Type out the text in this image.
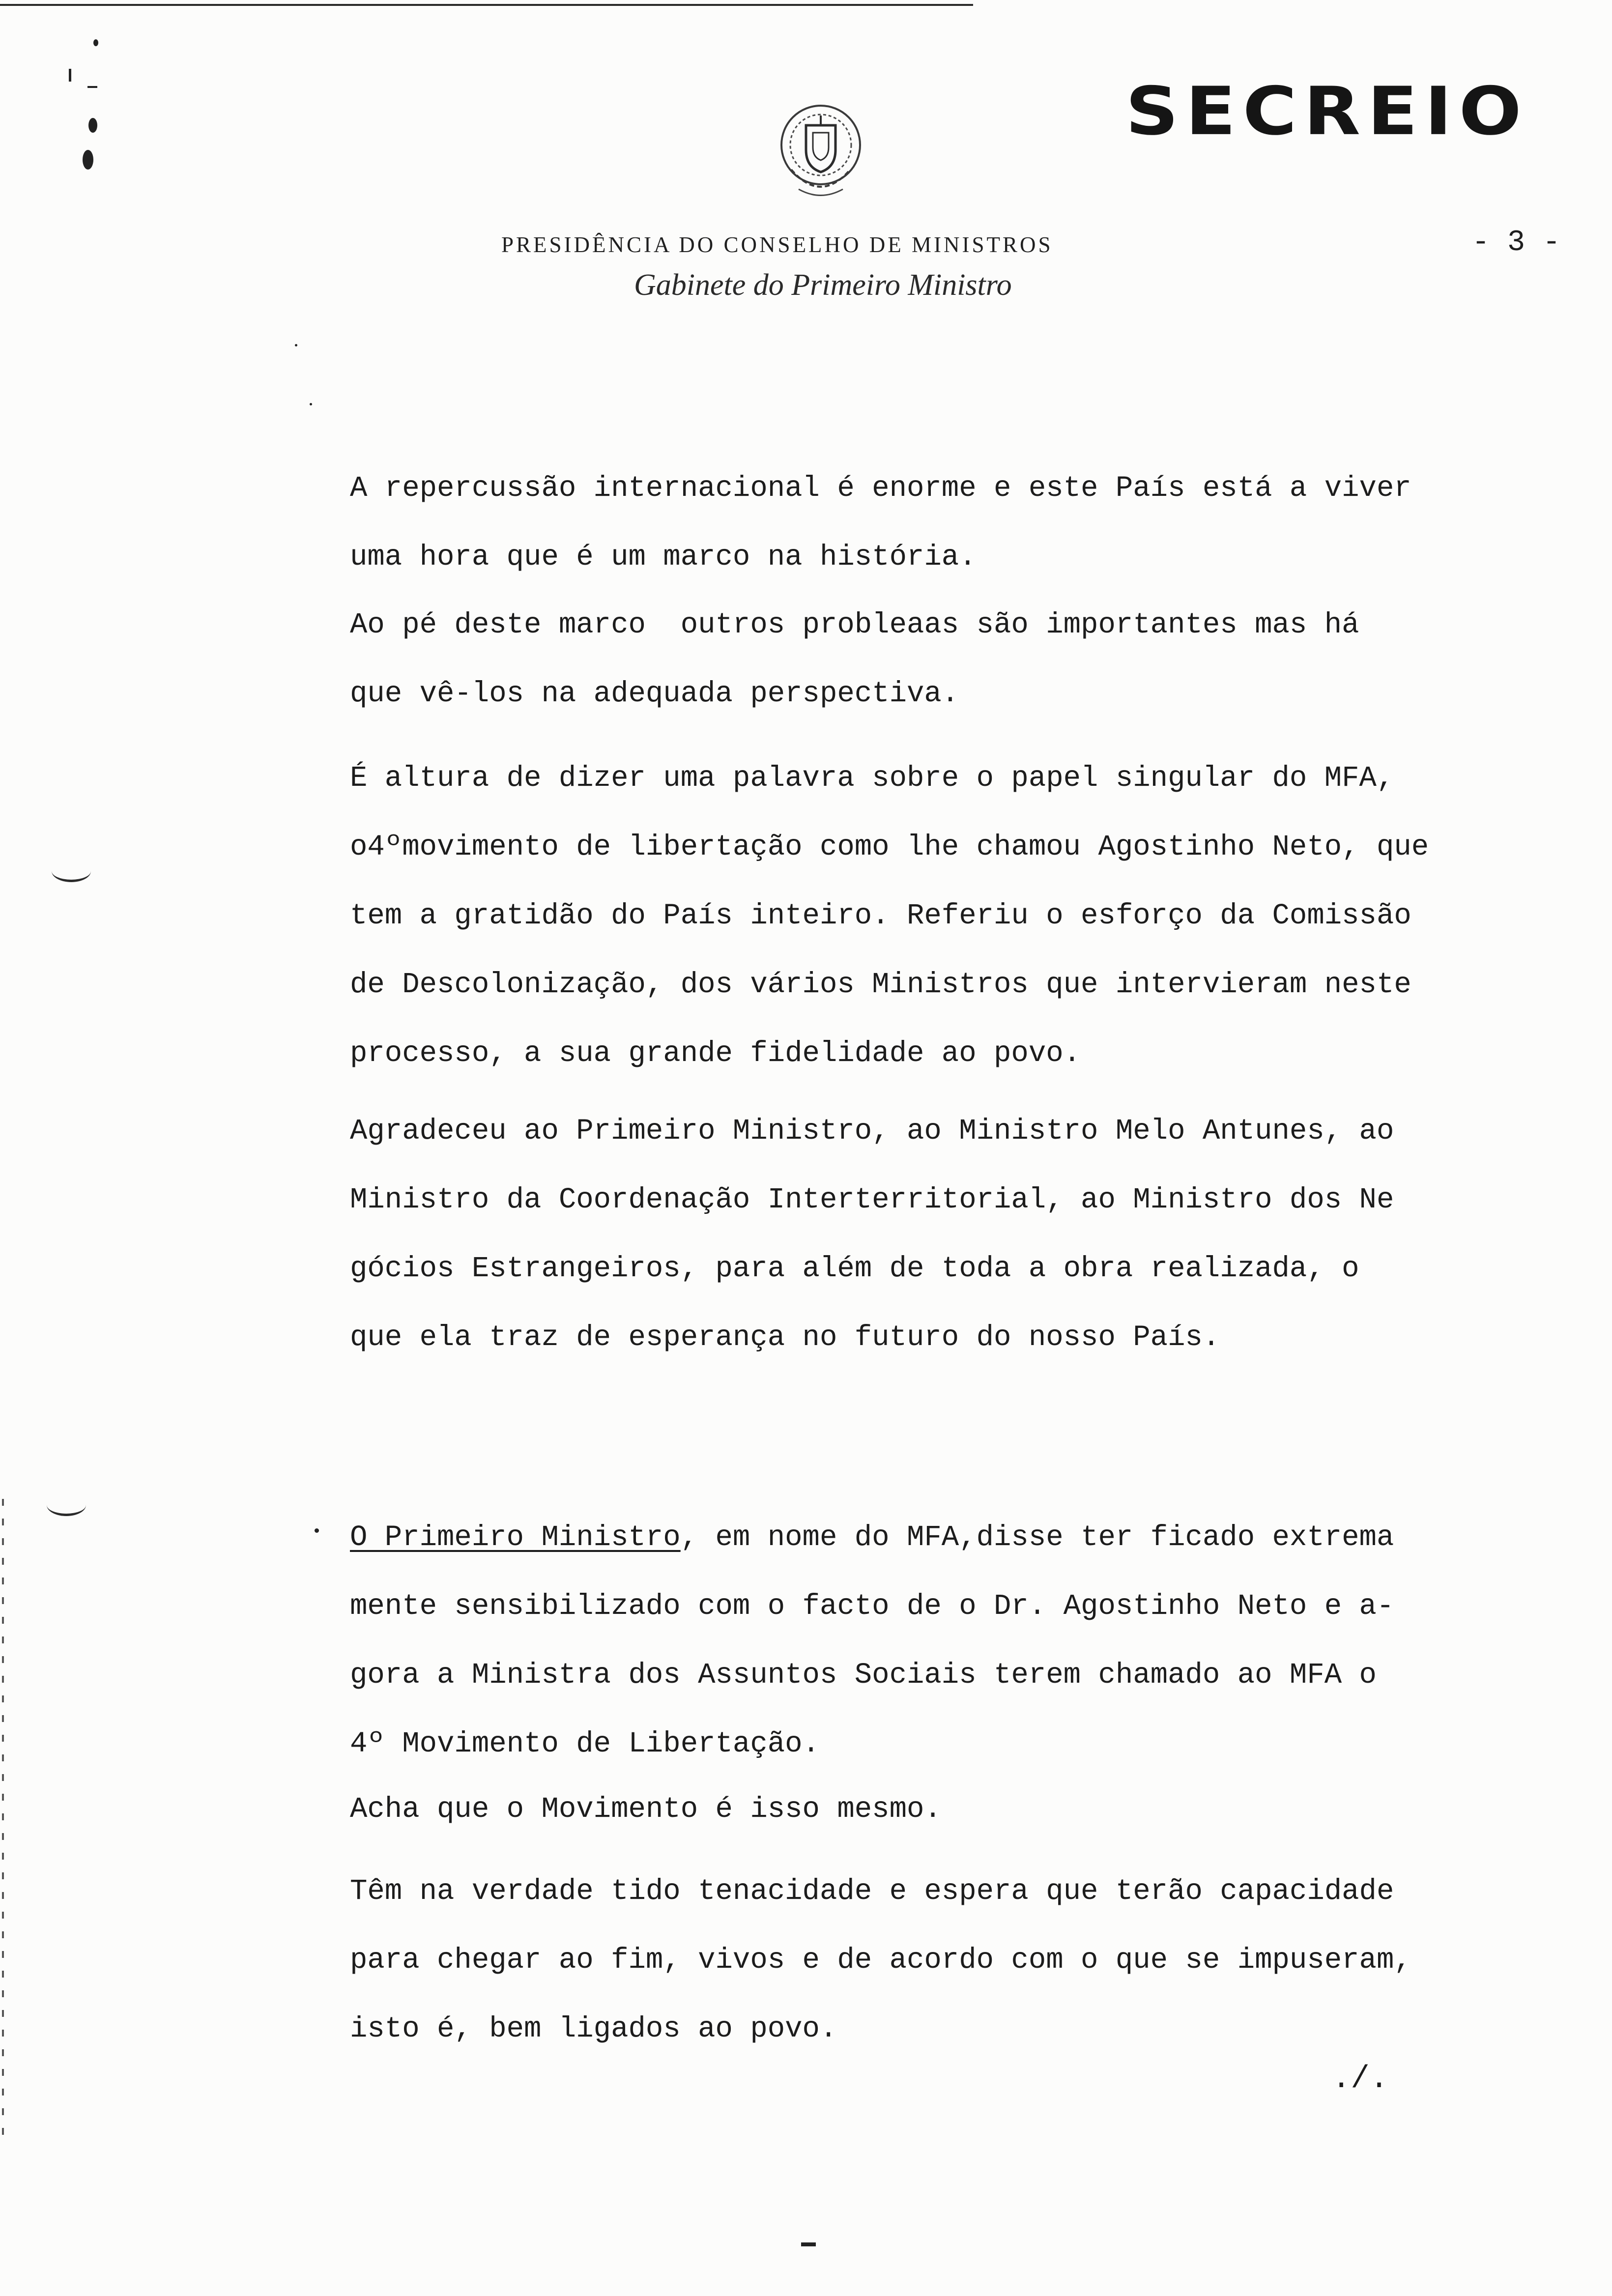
SECREIO
PRESIDÊNCIA DO CONSELHO DE MINISTROS
Gabinete do Primeiro Ministro
- 3 -
A repercussão internacional é enorme e este País está a viver
uma hora que é um marco na história.
Ao pé deste marco  outros probleaas são importantes mas há
que vê-los na adequada perspectiva.
É altura de dizer uma palavra sobre o papel singular do MFA,
o4ºmovimento de libertação como lhe chamou Agostinho Neto, que
tem a gratidão do País inteiro. Referiu o esforço da Comissão
de Descolonização, dos vários Ministros que intervieram neste
processo, a sua grande fidelidade ao povo.
Agradeceu ao Primeiro Ministro, ao Ministro Melo Antunes, ao
Ministro da Coordenação Interterritorial, ao Ministro dos Ne
gócios Estrangeiros, para além de toda a obra realizada, o
que ela traz de esperança no futuro do nosso País.
O Primeiro Ministro, em nome do MFA,disse ter ficado extrema
mente sensibilizado com o facto de o Dr. Agostinho Neto e a-
gora a Ministra dos Assuntos Sociais terem chamado ao MFA o
4º Movimento de Libertação.
Acha que o Movimento é isso mesmo.
Têm na verdade tido tenacidade e espera que terão capacidade
para chegar ao fim, vivos e de acordo com o que se impuseram,
isto é, bem ligados ao povo.
./.
